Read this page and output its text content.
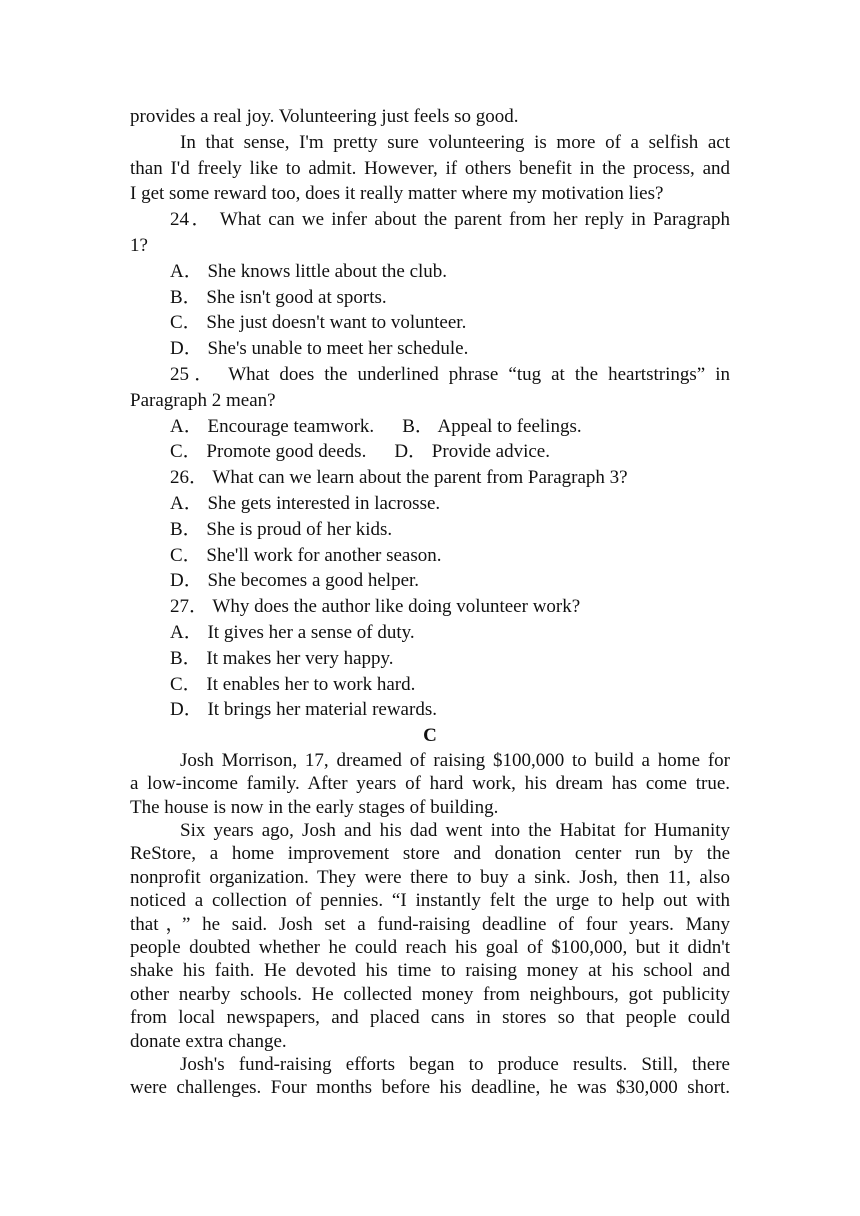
provides a real joy. Volunteering just feels so good.
In that sense, I'm pretty sure volunteering is more of a selfish act
than I'd freely like to admit. However, if others benefit in the process, and
I get some reward too, does it really matter where my motivation lies?
24． What can we infer about the parent from her reply in Paragraph
1?
A． She knows little about the club.
B． She isn't good at sports.
C． She just doesn't want to volunteer.
D． She's unable to meet her schedule.
25． What does the underlined phrase “tug at the heartstrings” in
Paragraph 2 mean?
A． Encourage teamwork. B． Appeal to feelings.
C． Promote good deeds. D． Provide advice.
26． What can we learn about the parent from Paragraph 3?
A． She gets interested in lacrosse.
B． She is proud of her kids.
C． She'll work for another season.
D． She becomes a good helper.
27． Why does the author like doing volunteer work?
A． It gives her a sense of duty.
B． It makes her very happy.
C． It enables her to work hard.
D． It brings her material rewards.
C
Josh Morrison, 17, dreamed of raising $100,000 to build a home for
a low-income family. After years of hard work, his dream has come true.
The house is now in the early stages of building.
Six years ago, Josh and his dad went into the Habitat for Humanity
ReStore, a home improvement store and donation center run by the
nonprofit organization. They were there to buy a sink. Josh, then 11, also
noticed a collection of pennies. “I instantly felt the urge to help out with
that，” he said. Josh set a fund-raising deadline of four years. Many
people doubted whether he could reach his goal of $100,000, but it didn't
shake his faith. He devoted his time to raising money at his school and
other nearby schools. He collected money from neighbours, got publicity
from local newspapers, and placed cans in stores so that people could
donate extra change.
Josh's fund-raising efforts began to produce results. Still, there
were challenges. Four months before his deadline, he was $30,000 short.
